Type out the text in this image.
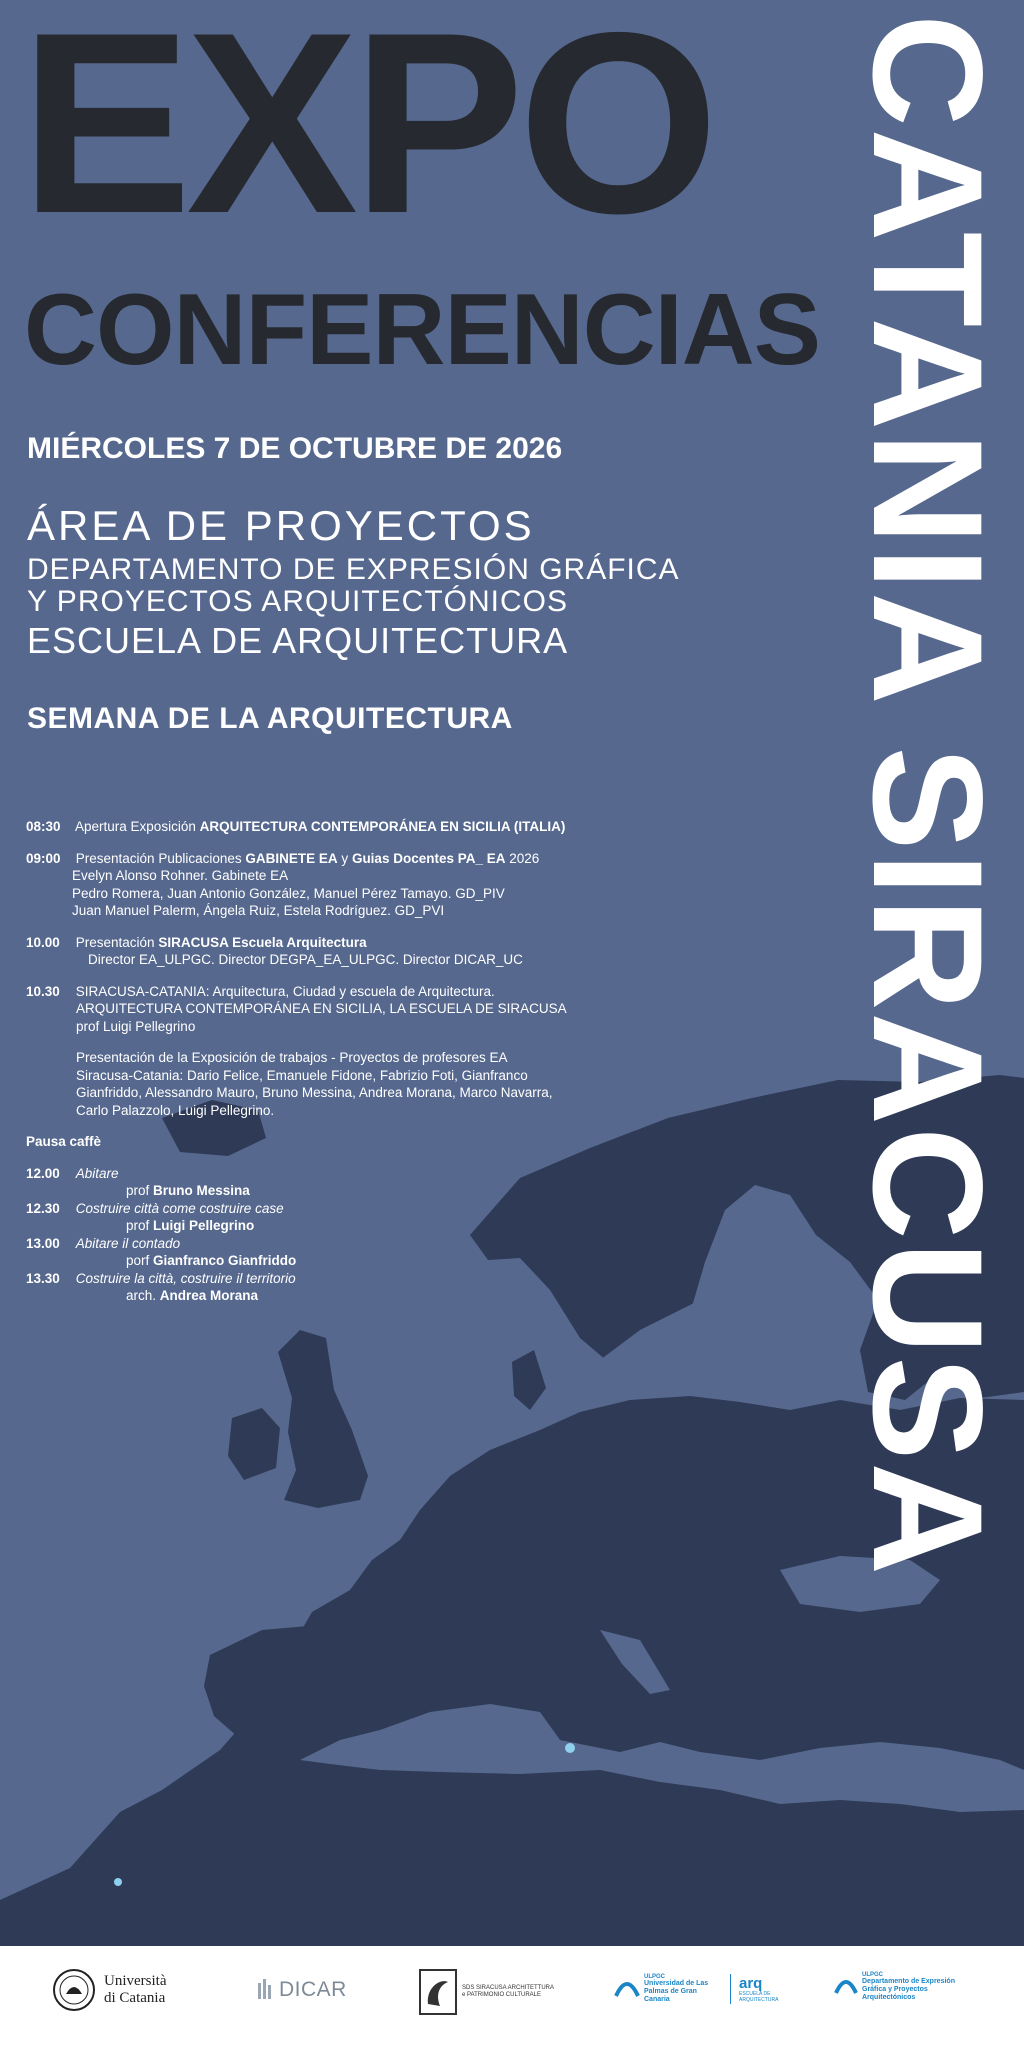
EXPO
CONFERENCIAS CATANIA SIRACUSA
MIÉRCOLES 7 DE OCTUBRE DE 2026
ÁREA DE PROYECTOS
DEPARTAMENTO DE EXPRESIÓN GRÁFICA
Y PROYECTOS ARQUITECTÓNICOS
ESCUELA DE ARQUITECTURA
SEMANA DE LA ARQUITECTURA
08:30 Apertura Exposición ARQUITECTURA CONTEMPORÁNEA EN SICILIA (ITALIA)
09:00 Presentación Publicaciones GABINETE EA y Guias Docentes PA_ EA 2026
Evelyn Alonso Rohner. Gabinete EA
Pedro Romera, Juan Antonio González, Manuel Pérez Tamayo. GD_PIV
Juan Manuel Palerm, Ángela Ruiz, Estela Rodríguez. GD_PVI
10.00 Presentación SIRACUSA Escuela Arquitectura
Director EA_ULPGC. Director DEGPA_EA_ULPGC. Director DICAR_UC
10.30 SIRACUSA-CATANIA: Arquitectura, Ciudad y escuela de Arquitectura.
ARQUITECTURA CONTEMPORÁNEA EN SICILIA, LA ESCUELA DE SIRACUSA
prof Luigi Pellegrino
Presentación de la Exposición de trabajos - Proyectos de profesores EA
Siracusa-Catania: Dario Felice, Emanuele Fidone, Fabrizio Foti, Gianfranco
Gianfriddo, Alessandro Mauro, Bruno Messina, Andrea Morana, Marco Navarra,
Carlo Palazzolo, Luigi Pellegrino.
Pausa caffè
12.00 Abitare
prof Bruno Messina
12.30 Costruire città come costruire case
prof Luigi Pellegrino
13.00 Abitare il contado
porf Gianfranco Gianfriddo
13.30 Costruire la città, costruire il territorio
arch. Andrea Morana
Università
di Catania	DICAR	SDS SIRACUSA ARCHITETTURA e PATRIMONIO CULTURALE
ULPGC
Universidad de Las Palmas de Gran Canaria
arq
ESCUELA DE ARQUITECTURA
ULPGC
Departamento de Expresión Gráfica y Proyectos Arquitectónicos
